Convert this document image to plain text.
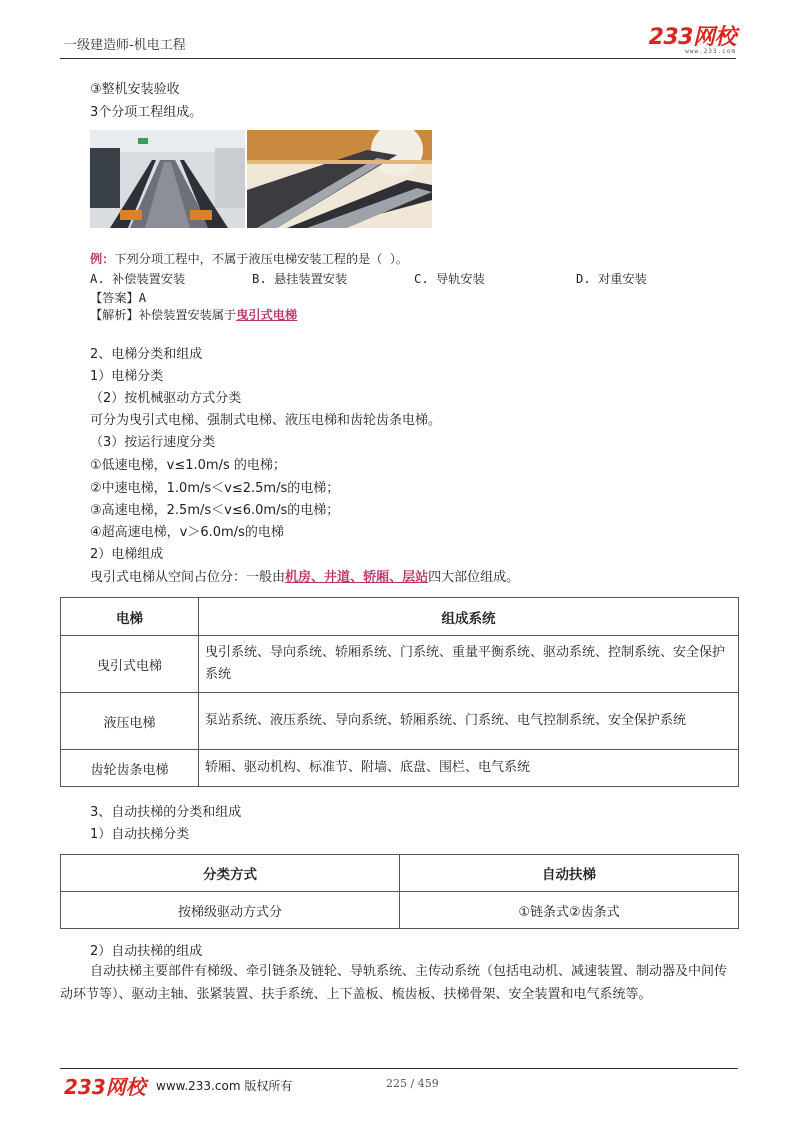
一级建造师-机电工程	233网校
www.233.com
③整机安装验收
3个分项工程组成。
例：下列分项工程中，不属于液压电梯安装工程的是（ ）。
A. 补偿装置安装	B. 悬挂装置安装	C. 导轨安装	D. 对重安装
【答案】A
【解析】补偿装置安装属于曳引式电梯
2、电梯分类和组成
1）电梯分类
（2）按机械驱动方式分类
可分为曳引式电梯、强制式电梯、液压电梯和齿轮齿条电梯。
（3）按运行速度分类
①低速电梯，v≤1.0m/s 的电梯；
②中速电梯，1.0m/s＜v≤2.5m/s的电梯；
③高速电梯，2.5m/s＜v≤6.0m/s的电梯；
④超高速电梯，v＞6.0m/s的电梯
2）电梯组成
曳引式电梯从空间占位分：一般由机房、井道、轿厢、层站四大部位组成。
电梯	组成系统
曳引式电梯	曳引系统、导向系统、轿厢系统、门系统、重量平衡系统、驱动系统、控制系统、安全保护系统
液压电梯	泵站系统、液压系统、导向系统、轿厢系统、门系统、电气控制系统、安全保护系统
齿轮齿条电梯	轿厢、驱动机构、标准节、附墙、底盘、围栏、电气系统
3、自动扶梯的分类和组成
1）自动扶梯分类
分类方式	自动扶梯
按梯级驱动方式分	①链条式②齿条式
2）自动扶梯的组成
自动扶梯主要部件有梯级、牵引链条及链轮、导轨系统、主传动系统（包括电动机、减速装置、制动器及中间传动环节等）、驱动主轴、张紧装置、扶手系统、上下盖板、梳齿板、扶梯骨架、安全装置和电气系统等。
233网校 www.233.com 版权所有	225 / 459
